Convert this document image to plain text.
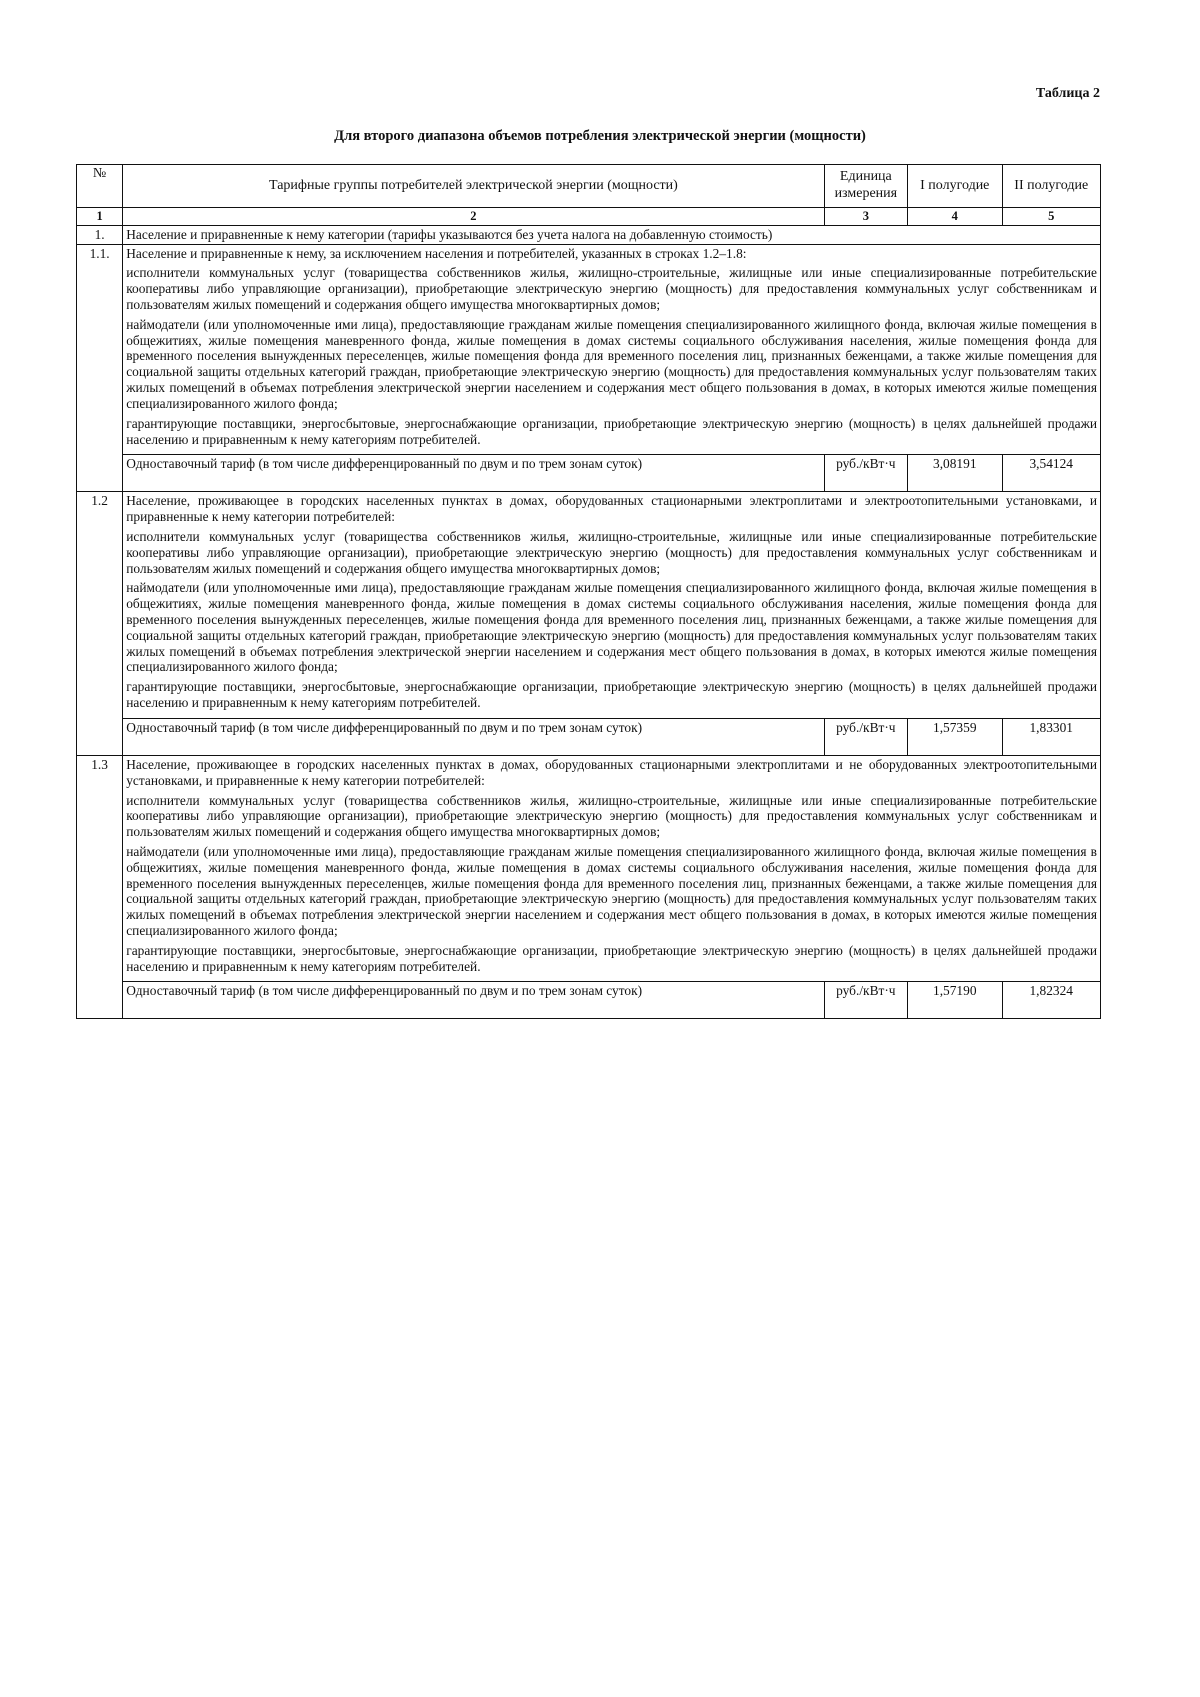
Таблица 2
Для второго диапазона объемов потребления электрической энергии (мощности)
№	Тарифные группы потребителей электрической энергии (мощности)	Единица измерения	I полугодие	II полугодие
1	2	3	4	5
1.	Население и приравненные к нему категории (тарифы указываются без учета налога на добавленную стоимость)			
1.1.	Население и приравненные к нему, за исключением населения и потребителей, указанных в строках 1.2–1.8:

исполнители коммунальных услуг (товарищества собственников жилья, жилищно-строительные, жилищные или иные специализированные потребительские кооперативы либо управляющие организации), приобретающие электрическую энергию (мощность) для предоставления коммунальных услуг собственникам и пользователям жилых помещений и содержания общего имущества многоквартирных домов;

наймодатели (или уполномоченные ими лица), предоставляющие гражданам жилые помещения специализированного жилищного фонда, включая жилые помещения в общежитиях, жилые помещения маневренного фонда, жилые помещения в домах системы социального обслуживания населения, жилые помещения фонда для временного поселения вынужденных переселенцев, жилые помещения фонда для временного поселения лиц, признанных беженцами, а также жилые помещения для социальной защиты отдельных категорий граждан, приобретающие электрическую энергию (мощность) для предоставления коммунальных услуг пользователям таких жилых помещений в объемах потребления электрической энергии населением и содержания мест общего пользования в домах, в которых имеются жилые помещения специализированного жилого фонда;

гарантирующие поставщики, энергосбытовые, энергоснабжающие организации, приобретающие электрическую энергию (мощность) в целях дальнейшей продажи населению и приравненным к нему категориям потребителей.			

	Одноставочный тариф (в том числе дифференцированный по двум и по трем зонам суток)	руб./кВт·ч	3,08191	3,54124
1.2	Население, проживающее в городских населенных пунктах в домах, оборудованных стационарными электроплитами и электроотопительными установками, и приравненные к нему категории потребителей:

исполнители коммунальных услуг (товарищества собственников жилья, жилищно-строительные, жилищные или иные специализированные потребительские кооперативы либо управляющие организации), приобретающие электрическую энергию (мощность) для предоставления коммунальных услуг собственникам и пользователям жилых помещений и содержания общего имущества многоквартирных домов;

наймодатели (или уполномоченные ими лица), предоставляющие гражданам жилые помещения специализированного жилищного фонда, включая жилые помещения в общежитиях, жилые помещения маневренного фонда, жилые помещения в домах системы социального обслуживания населения, жилые помещения фонда для временного поселения вынужденных переселенцев, жилые помещения фонда для временного поселения лиц, признанных беженцами, а также жилые помещения для социальной защиты отдельных категорий граждан, приобретающие электрическую энергию (мощность) для предоставления коммунальных услуг пользователям таких жилых помещений в объемах потребления электрической энергии населением и содержания мест общего пользования в домах, в которых имеются жилые помещения специализированного жилого фонда;

гарантирующие поставщики, энергосбытовые, энергоснабжающие организации, приобретающие электрическую энергию (мощность) в целях дальнейшей продажи населению и приравненным к нему категориям потребителей.			

	Одноставочный тариф (в том числе дифференцированный по двум и по трем зонам суток)	руб./кВт·ч	1,57359	1,83301
1.3	Население, проживающее в городских населенных пунктах в домах, оборудованных стационарными электроплитами и не оборудованных электроотопительными установками, и приравненные к нему категории потребителей:

исполнители коммунальных услуг (товарищества собственников жилья, жилищно-строительные, жилищные или иные специализированные потребительские кооперативы либо управляющие организации), приобретающие электрическую энергию (мощность) для предоставления коммунальных услуг собственникам и пользователям жилых помещений и содержания общего имущества многоквартирных домов;

наймодатели (или уполномоченные ими лица), предоставляющие гражданам жилые помещения специализированного жилищного фонда, включая жилые помещения в общежитиях, жилые помещения маневренного фонда, жилые помещения в домах системы социального обслуживания населения, жилые помещения фонда для временного поселения вынужденных переселенцев, жилые помещения фонда для временного поселения лиц, признанных беженцами, а также жилые помещения для социальной защиты отдельных категорий граждан, приобретающие электрическую энергию (мощность) для предоставления коммунальных услуг пользователям таких жилых помещений в объемах потребления электрической энергии населением и содержания мест общего пользования в домах, в которых имеются жилые помещения специализированного жилого фонда;

гарантирующие поставщики, энергосбытовые, энергоснабжающие организации, приобретающие электрическую энергию (мощность) в целях дальнейшей продажи населению и приравненным к нему категориям потребителей.			

	Одноставочный тариф (в том числе дифференцированный по двум и по трем зонам суток)	руб./кВт·ч	1,57190	1,82324
